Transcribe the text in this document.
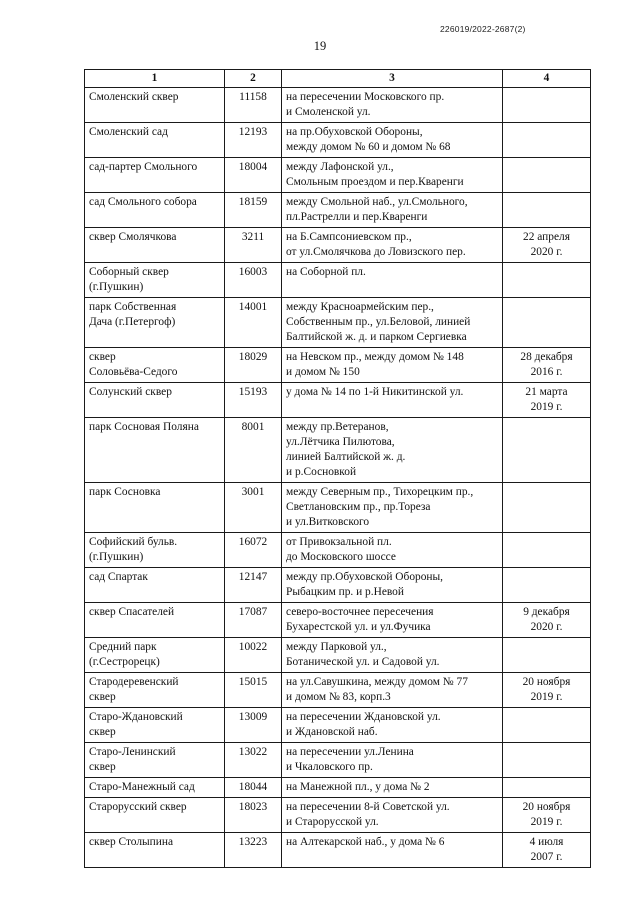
226019/2022-2687(2)
19
1	2	3	4

Смоленский сквер	11158	на пересечении Московского пр.
и Смоленской ул.	

Смоленский сад	12193	на пр.Обуховской Обороны,
между домом № 60 и домом № 68	

сад-партер Смольного	18004	между Лафонской ул.,
Смольным проездом и пер.Кваренги	

сад Смольного собора	18159	между Смольной наб., ул.Смольного,
пл.Растрелли и пер.Кваренги	

сквер Смолячкова	3211	на Б.Сампсониевском пр.,
от ул.Смолячкова до Ловизского пер.	22 апреля
2020 г.

Соборный сквер
(г.Пушкин)	16003	на Соборной пл.	

парк Собственная
Дача (г.Петергоф)	14001	между Красноармейским пер.,
Собственным пр., ул.Беловой, линией
Балтийской ж. д. и парком Сергиевка	

сквер
Соловьёва-Седого	18029	на Невском пр., между домом № 148
и домом № 150	28 декабря
2016 г.

Солунский сквер	15193	у дома № 14 по 1-й Никитинской ул.	21 марта
2019 г.

парк Сосновая Поляна	8001	между пр.Ветеранов,
ул.Лётчика Пилютова,
линией Балтийской ж. д.
и р.Сосновкой	

парк Сосновка	3001	между Северным пр., Тихорецким пр.,
Светлановским пр., пр.Тореза
и ул.Витковского	

Софийский бульв.
(г.Пушкин)	16072	от Привокзальной пл.
до Московского шоссе	

сад Спартак	12147	между пр.Обуховской Обороны,
Рыбацким пр. и р.Невой	

сквер Спасателей	17087	северо-восточнее пересечения
Бухарестской ул. и ул.Фучика	9 декабря
2020 г.

Средний парк
(г.Сестрорецк)	10022	между Парковой ул.,
Ботанической ул. и Садовой ул.	

Стародеревенский
сквер	15015	на ул.Савушкина, между домом № 77
и домом № 83, корп.3	20 ноября
2019 г.

Старо-Ждановский
сквер	13009	на пересечении Ждановской ул.
и Ждановской наб.	

Старо-Ленинский
сквер	13022	на пересечении ул.Ленина
и Чкаловского пр.	

Старо-Манежный сад	18044	на Манежной пл., у дома № 2	

Старорусский сквер	18023	на пересечении 8-й Советской ул.
и Старорусской ул.	20 ноября
2019 г.

сквер Столыпина	13223	на Алтекарской наб., у дома № 6	4 июля
2007 г.
